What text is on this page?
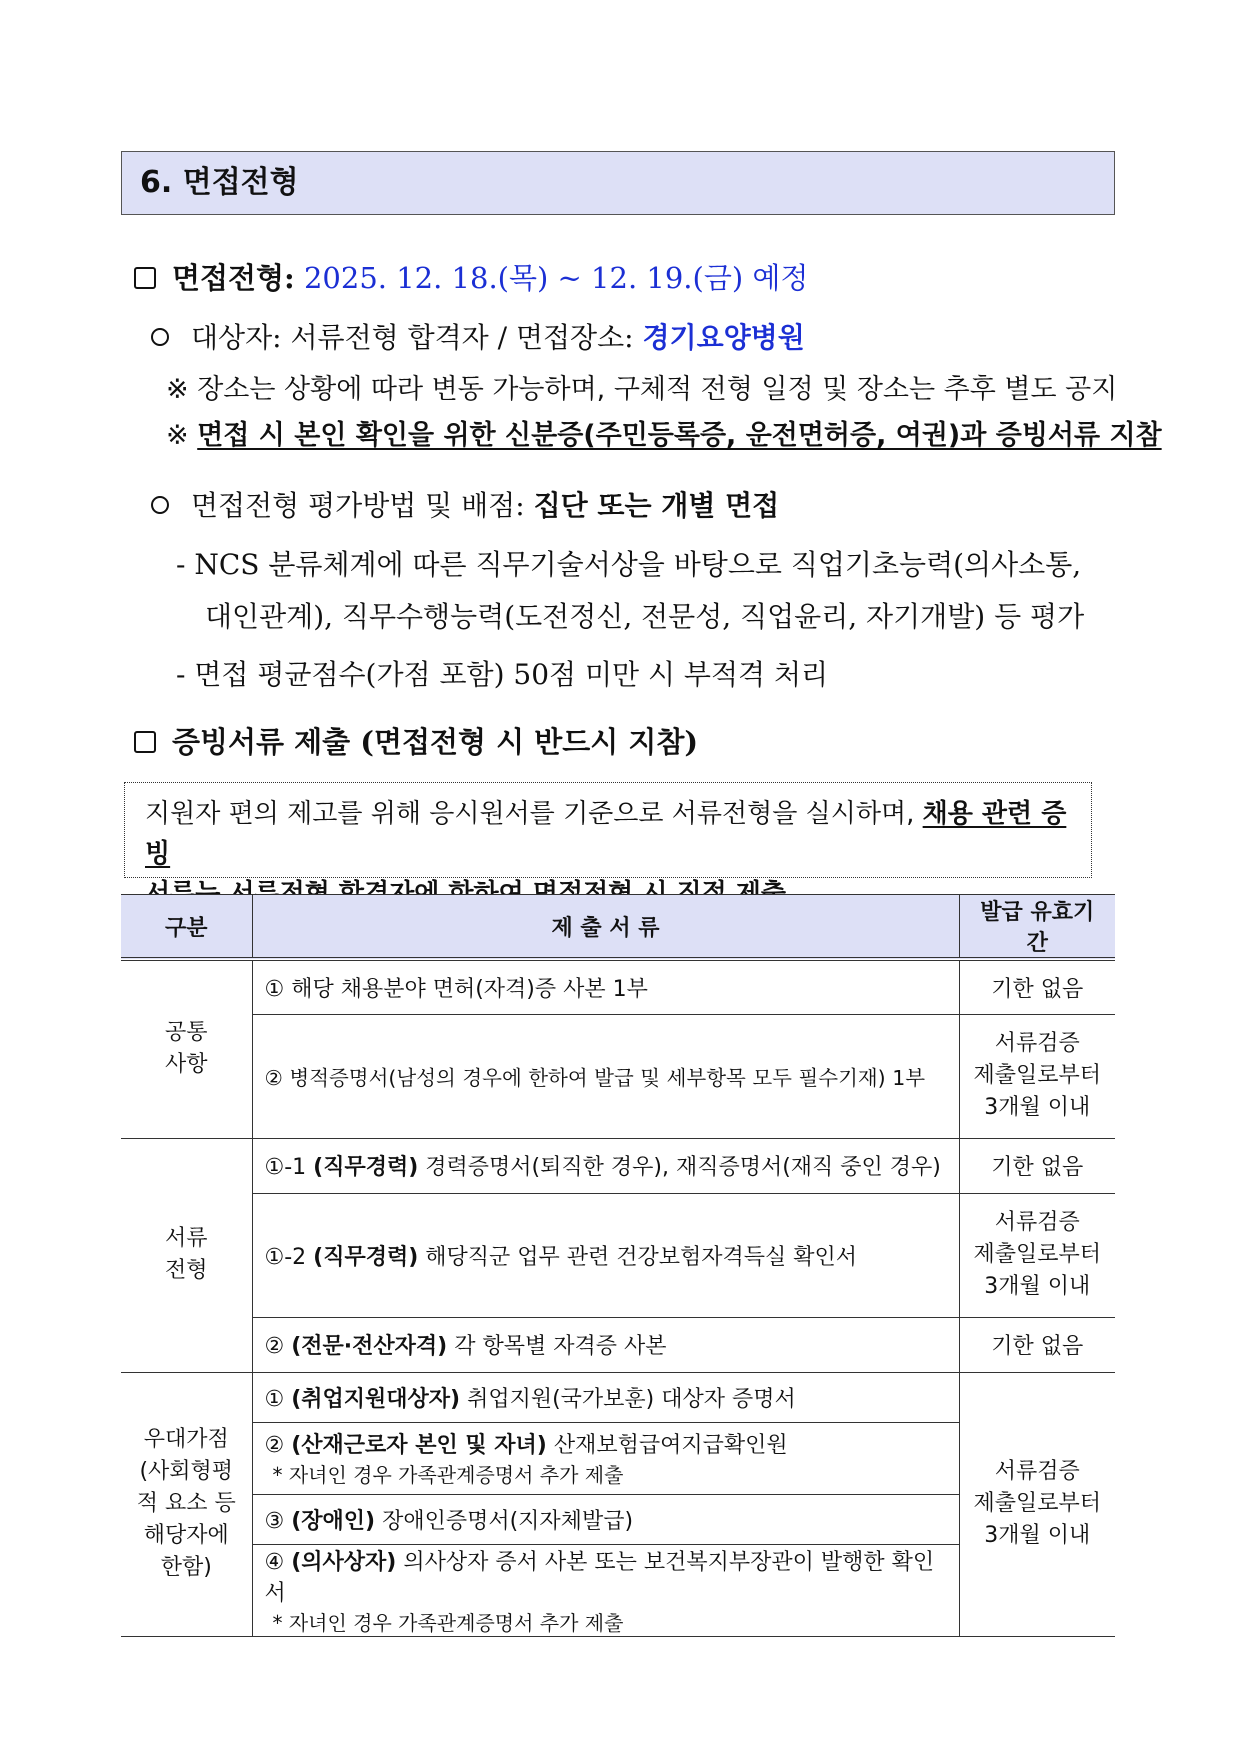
6. 면접전형
면접전형: 2025. 12. 18.(목) ~ 12. 19.(금) 예정
대상자: 서류전형 합격자 / 면접장소: 경기요양병원
※ 장소는 상황에 따라 변동 가능하며, 구체적 전형 일정 및 장소는 추후 별도 공지
※ 면접 시 본인 확인을 위한 신분증(주민등록증, 운전면허증, 여권)과 증빙서류 지참
면접전형 평가방법 및 배점: 집단 또는 개별 면접
- NCS 분류체계에 따른 직무기술서상을 바탕으로 직업기초능력(의사소통,
대인관계), 직무수행능력(도전정신, 전문성, 직업윤리, 자기개발) 등 평가
- 면접 평균점수(가점 포함) 50점 미만 시 부적격 처리
증빙서류 제출 (면접전형 시 반드시 지참)
지원자 편의 제고를 위해 응시원서를 기준으로 서류전형을 실시하며, 채용 관련 증빙

구분	제 출 서 류	발급 유효기간
공통
사항	① 해당 채용분야 면허(자격)증 사본 1부	기한 없음
	② 병적증명서(남성의 경우에 한하여 발급 및 세부항목 모두 필수기재) 1부	서류검증
제출일로부터
3개월 이내
서류
전형	①-1 (직무경력) 경력증명서(퇴직한 경우), 재직증명서(재직 중인 경우)	기한 없음
	①-2 (직무경력) 해당직군 업무 관련 건강보험자격득실 확인서	서류검증
제출일로부터
3개월 이내
	② (전문·전산자격) 각 항목별 자격증 사본	기한 없음
우대가점
(사회형평
적 요소 등
해당자에
한함)	① (취업지원대상자) 취업지원(국가보훈) 대상자 증명서	서류검증
제출일로부터
3개월 이내
	② (산재근로자 본인 및 자녀) 산재보험급여지급확인원
* 자녀인 경우 가족관계증명서 추가 제출	

	③ (장애인) 장애인증명서(지자체발급)	
	④ (의사상자) 의사상자 증서 사본 또는 보건복지부장관이 발행한 확인서
* 자녀인 경우 가족관계증명서 추가 제출	
